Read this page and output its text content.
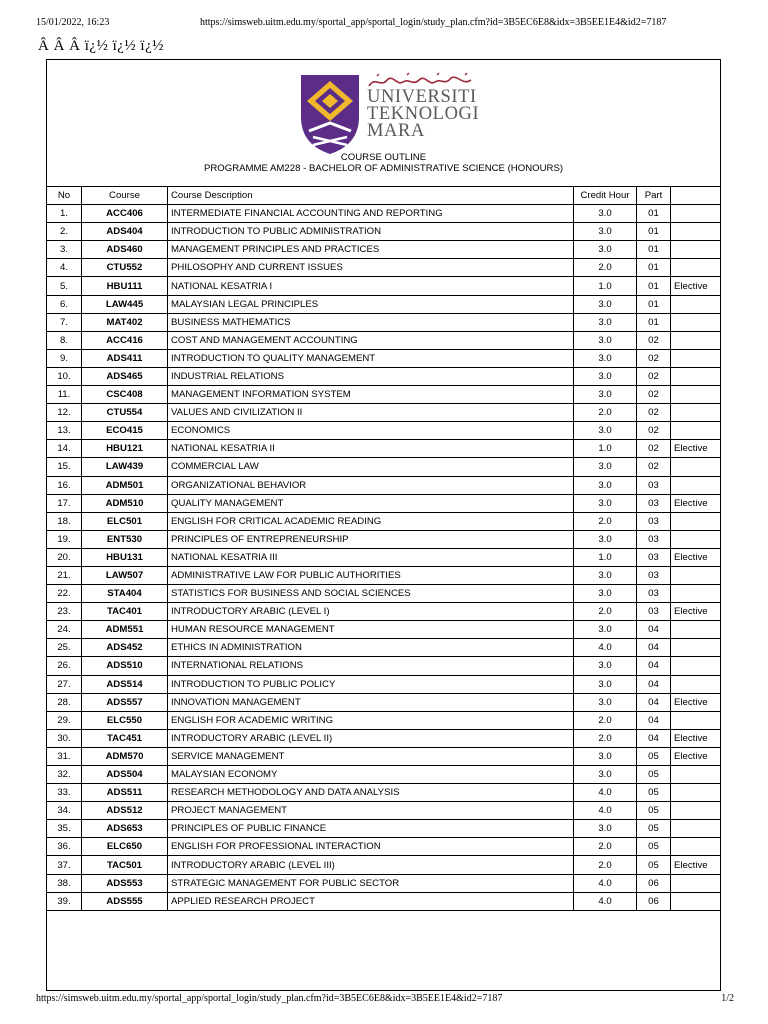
15/01/2022, 16:23	https://simsweb.uitm.edu.my/sportal_app/sportal_login/study_plan.cfm?id=3B5EC6E8&idx=3B5EE1E4&id2=7187
Â Â Â ï¿½ ï¿½ ï¿½
UNIVERSITI
TEKNOLOGI
MARA
COURSE OUTLINE
PROGRAMME AM228 - BACHELOR OF ADMINISTRATIVE SCIENCE (HONOURS)
No	Course	Course Description	Credit Hour	Part	
1.	ACC406	INTERMEDIATE FINANCIAL ACCOUNTING AND REPORTING	3.0	01	
2.	ADS404	INTRODUCTION TO PUBLIC ADMINISTRATION	3.0	01	
3.	ADS460	MANAGEMENT PRINCIPLES AND PRACTICES	3.0	01	
4.	CTU552	PHILOSOPHY AND CURRENT ISSUES	2.0	01	
5.	HBU111	NATIONAL KESATRIA I	1.0	01	Elective
6.	LAW445	MALAYSIAN LEGAL PRINCIPLES	3.0	01	
7.	MAT402	BUSINESS MATHEMATICS	3.0	01	
8.	ACC416	COST AND MANAGEMENT ACCOUNTING	3.0	02	
9.	ADS411	INTRODUCTION TO QUALITY MANAGEMENT	3.0	02	
10.	ADS465	INDUSTRIAL RELATIONS	3.0	02	
11.	CSC408	MANAGEMENT INFORMATION SYSTEM	3.0	02	
12.	CTU554	VALUES AND CIVILIZATION II	2.0	02	
13.	ECO415	ECONOMICS	3.0	02	
14.	HBU121	NATIONAL KESATRIA II	1.0	02	Elective
15.	LAW439	COMMERCIAL LAW	3.0	02	
16.	ADM501	ORGANIZATIONAL BEHAVIOR	3.0	03	
17.	ADM510	QUALITY MANAGEMENT	3.0	03	Elective
18.	ELC501	ENGLISH FOR CRITICAL ACADEMIC READING	2.0	03	
19.	ENT530	PRINCIPLES OF ENTREPRENEURSHIP	3.0	03	
20.	HBU131	NATIONAL KESATRIA III	1.0	03	Elective
21.	LAW507	ADMINISTRATIVE LAW FOR PUBLIC AUTHORITIES	3.0	03	
22.	STA404	STATISTICS FOR BUSINESS AND SOCIAL SCIENCES	3.0	03	
23.	TAC401	INTRODUCTORY ARABIC (LEVEL I)	2.0	03	Elective
24.	ADM551	HUMAN RESOURCE MANAGEMENT	3.0	04	
25.	ADS452	ETHICS IN ADMINISTRATION	4.0	04	
26.	ADS510	INTERNATIONAL RELATIONS	3.0	04	
27.	ADS514	INTRODUCTION TO PUBLIC POLICY	3.0	04	
28.	ADS557	INNOVATION MANAGEMENT	3.0	04	Elective
29.	ELC550	ENGLISH FOR ACADEMIC WRITING	2.0	04	
30.	TAC451	INTRODUCTORY ARABIC (LEVEL II)	2.0	04	Elective
31.	ADM570	SERVICE MANAGEMENT	3.0	05	Elective
32.	ADS504	MALAYSIAN ECONOMY	3.0	05	
33.	ADS511	RESEARCH METHODOLOGY AND DATA ANALYSIS	4.0	05	
34.	ADS512	PROJECT MANAGEMENT	4.0	05	
35.	ADS653	PRINCIPLES OF PUBLIC FINANCE	3.0	05	
36.	ELC650	ENGLISH FOR PROFESSIONAL INTERACTION	2.0	05	
37.	TAC501	INTRODUCTORY ARABIC (LEVEL III)	2.0	05	Elective
38.	ADS553	STRATEGIC MANAGEMENT FOR PUBLIC SECTOR	4.0	06	
39.	ADS555	APPLIED RESEARCH PROJECT	4.0	06	
https://simsweb.uitm.edu.my/sportal_app/sportal_login/study_plan.cfm?id=3B5EC6E8&idx=3B5EE1E4&id2=7187	1/2
